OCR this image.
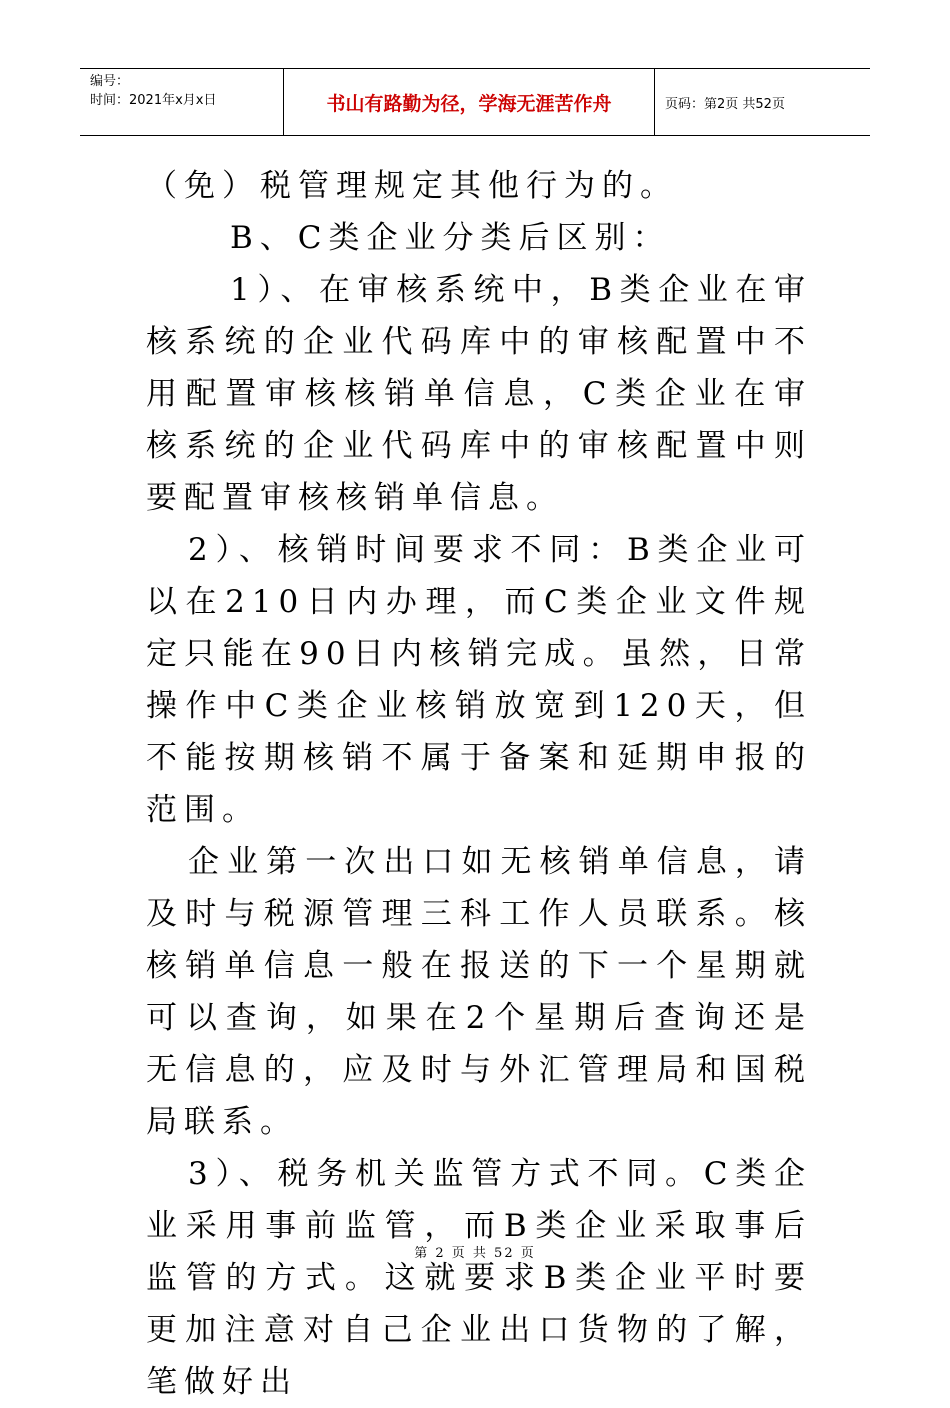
编号：
时间：2021年x月x日	书山有路勤为径，学海无涯苦作舟	页码：第2页 共52页

（免）税管理规定其他行为的。

B、C类企业分类后区别：

1）、在审核系统中，B类企业在审核系统的企业代码库中的审核配置中不用配置审核核销单信息，C类企业在审核系统的企业代码库中的审核配置中则要配置审核核销单信息。

2）、核销时间要求不同：B类企业可以在210日内办理，而C类企业文件规定只能在90日内核销完成。虽然，日常操作中C类企业核销放宽到120天，但不能按期核销不属于备案和延期申报的范围。

企业第一次出口如无核销单信息，请及时与税源管理三科工作人员联系。核核销单信息一般在报送的下一个星期就可以查询，如果在2个星期后查询还是无信息的，应及时与外汇管理局和国税局联系。

3）、税务机关监管方式不同。C类企业采用事前监管，而B类企业采取事后监管的方式。这就要求B类企业平时要更加注意对自己企业出口货物的了解，笔做好出

第 2 页 共 52 页
